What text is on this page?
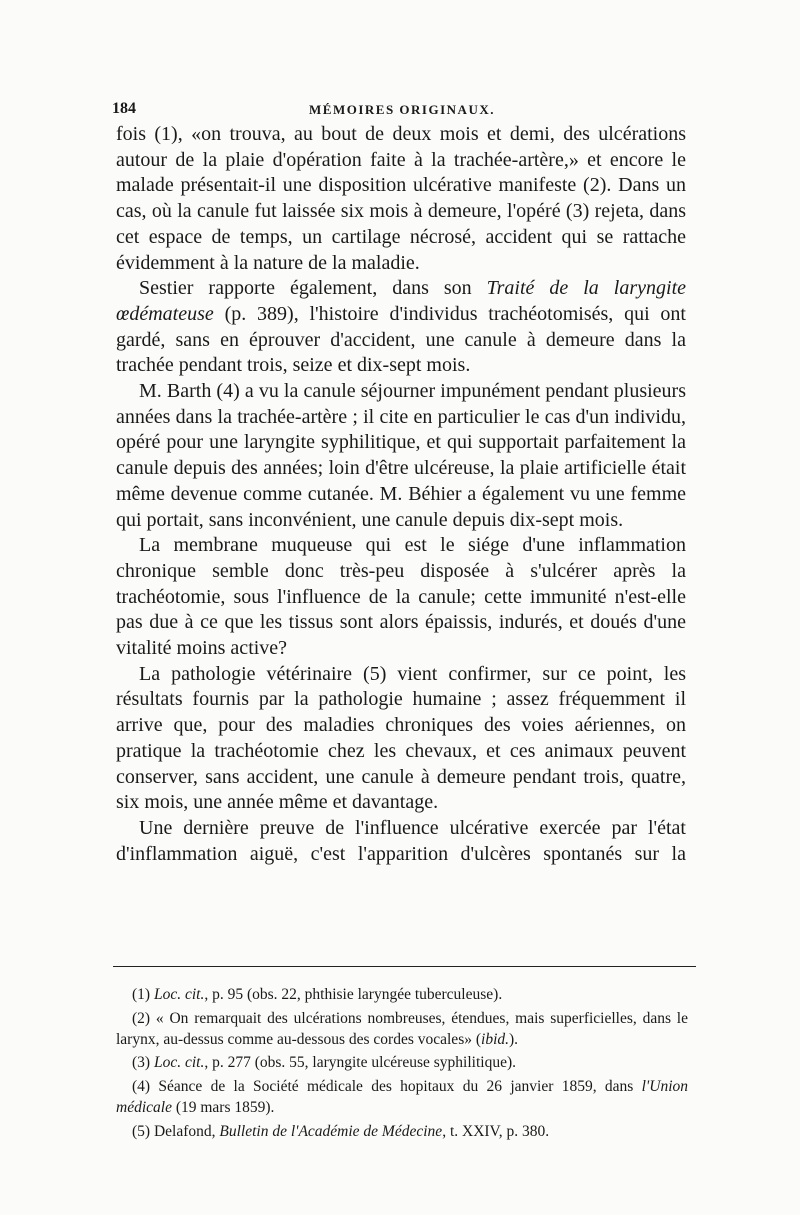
184	MÉMOIRES ORIGINAUX.

fois (1), «on trouva, au bout de deux mois et demi, des ulcérations autour de la plaie d'opération faite à la trachée-artère,» et encore le malade présentait-il une disposition ulcérative manifeste (2). Dans un cas, où la canule fut laissée six mois à demeure, l'opéré (3) rejeta, dans cet espace de temps, un cartilage nécrosé, accident qui se rattache évidemment à la nature de la maladie.

Sestier rapporte également, dans son Traité de la laryngite œdémateuse (p. 389), l'histoire d'individus trachéotomisés, qui ont gardé, sans en éprouver d'accident, une canule à demeure dans la trachée pendant trois, seize et dix-sept mois.

M. Barth (4) a vu la canule séjourner impunément pendant plusieurs années dans la trachée-artère ; il cite en particulier le cas d'un individu, opéré pour une laryngite syphilitique, et qui supportait parfaitement la canule depuis des années; loin d'être ulcéreuse, la plaie artificielle était même devenue comme cutanée. M. Béhier a également vu une femme qui portait, sans inconvénient, une canule depuis dix-sept mois.

La membrane muqueuse qui est le siége d'une inflammation chronique semble donc très-peu disposée à s'ulcérer après la trachéotomie, sous l'influence de la canule; cette immunité n'est-elle pas due à ce que les tissus sont alors épaissis, indurés, et doués d'une vitalité moins active?

La pathologie vétérinaire (5) vient confirmer, sur ce point, les résultats fournis par la pathologie humaine ; assez fréquemment il arrive que, pour des maladies chroniques des voies aériennes, on pratique la trachéotomie chez les chevaux, et ces animaux peuvent conserver, sans accident, une canule à demeure pendant trois, quatre, six mois, une année même et davantage.

Une dernière preuve de l'influence ulcérative exercée par l'état d'inflammation aiguë, c'est l'apparition d'ulcères spontanés sur la

(1) Loc. cit., p. 95 (obs. 22, phthisie laryngée tuberculeuse).

(2) « On remarquait des ulcérations nombreuses, étendues, mais superficielles, dans le larynx, au-dessus comme au-dessous des cordes vocales» (ibid.).

(3) Loc. cit., p. 277 (obs. 55, laryngite ulcéreuse syphilitique).

(4) Séance de la Société médicale des hopitaux du 26 janvier 1859, dans l'Union médicale (19 mars 1859).

(5) Delafond, Bulletin de l'Académie de Médecine, t. XXIV, p. 380.
